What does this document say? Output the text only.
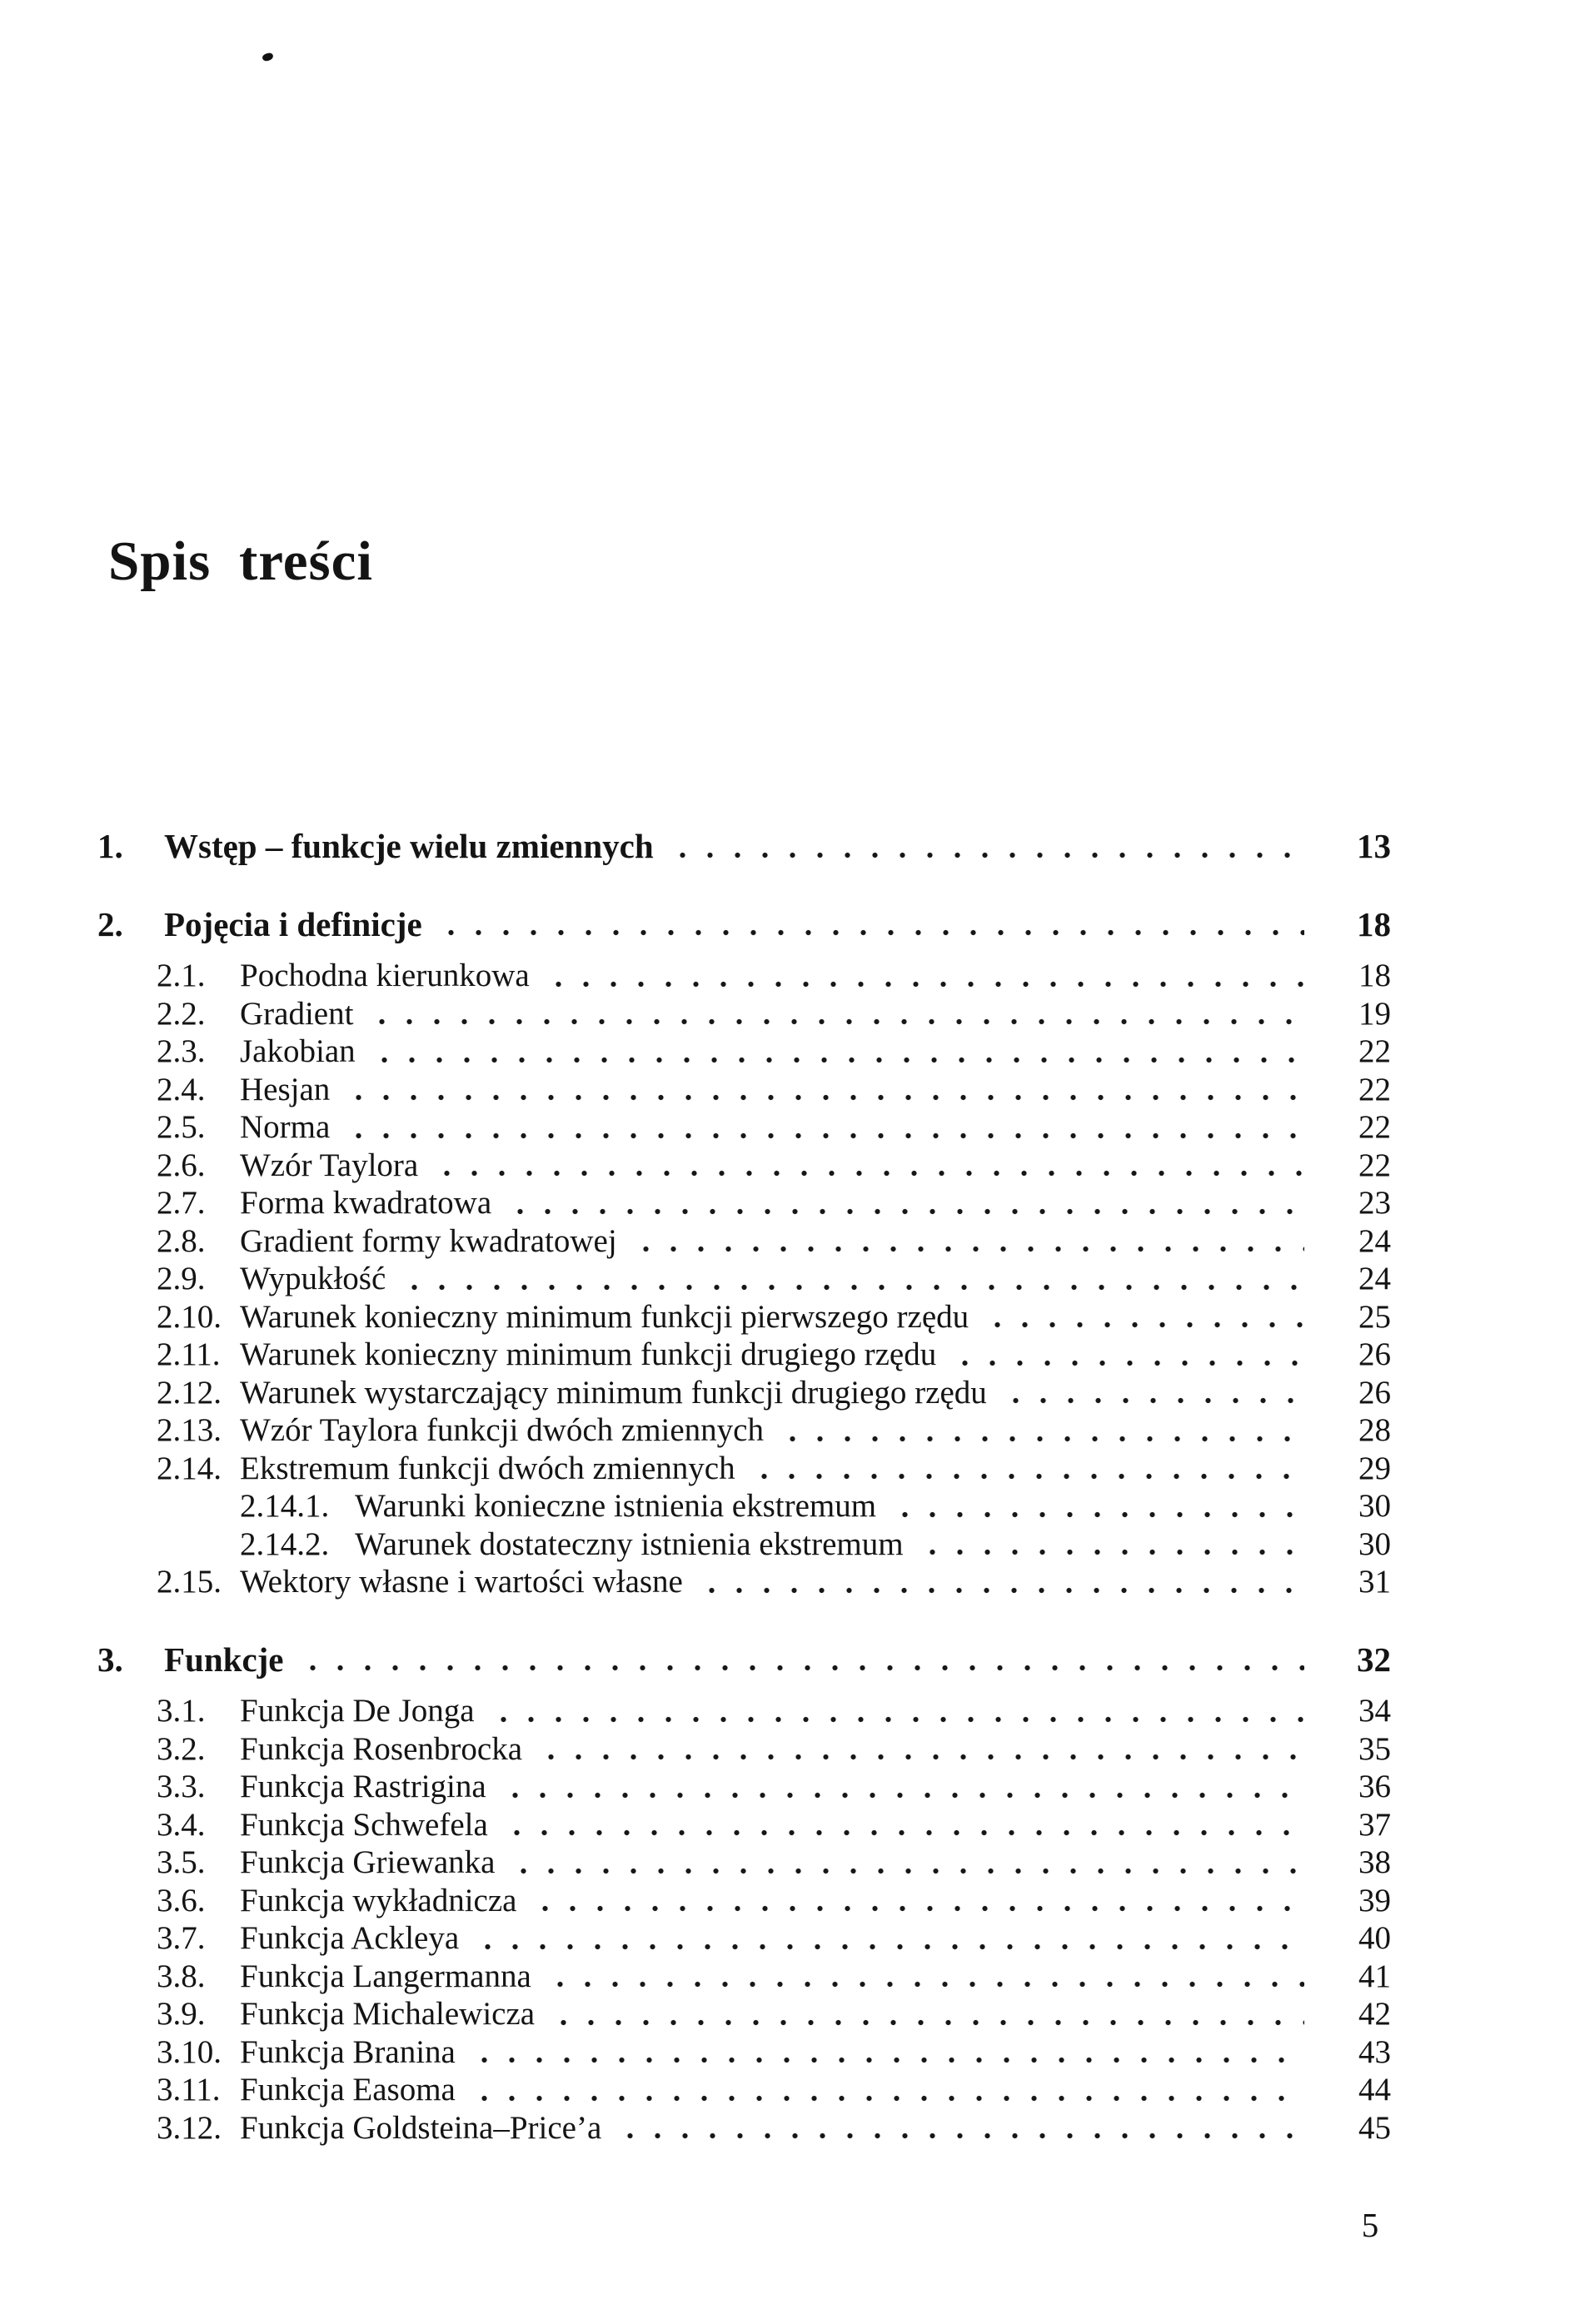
Spis treści
1.	Wstęp – funkcje wielu zmiennych	13
2.	Pojęcia i definicje	18
2.1.	Pochodna kierunkowa	18
2.2.	Gradient	19
2.3.	Jakobian	22
2.4.	Hesjan	22
2.5.	Norma	22
2.6.	Wzór Taylora	22
2.7.	Forma kwadratowa	23
2.8.	Gradient formy kwadratowej	24
2.9.	Wypukłość	24
2.10. Warunek konieczny minimum funkcji pierwszego rzędu	25
2.11. Warunek konieczny minimum funkcji drugiego rzędu	26
2.12. Warunek wystarczający minimum funkcji drugiego rzędu	26
2.13. Wzór Taylora funkcji dwóch zmiennych	28
2.14. Ekstremum funkcji dwóch zmiennych	29
2.14.1. Warunki konieczne istnienia ekstremum	30
2.14.2. Warunek dostateczny istnienia ekstremum	30
2.15. Wektory własne i wartości własne	31
3.	Funkcje	32
3.1.	Funkcja De Jonga	34
3.2.	Funkcja Rosenbrocka	35
3.3.	Funkcja Rastrigina	36
3.4.	Funkcja Schwefela	37
3.5.	Funkcja Griewanka	38
3.6.	Funkcja wykładnicza	39
3.7.	Funkcja Ackleya	40
3.8.	Funkcja Langermanna	41
3.9.	Funkcja Michalewicza	42
3.10. Funkcja Branina	43
3.11. Funkcja Easoma	44
3.12. Funkcja Goldsteina–Price’a	45
5
